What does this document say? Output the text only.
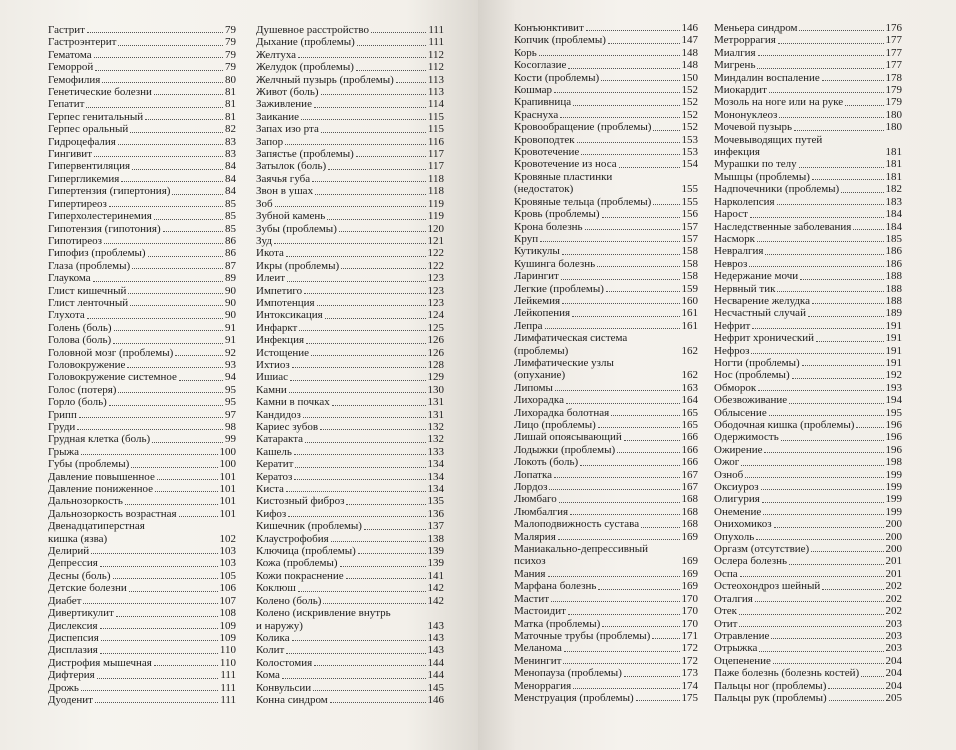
Гастрит	79
Гастроэнтерит	79
Гематома	79
Геморрой	79
Гемофилия	80
Генетические болезни	81
Гепатит	81
Герпес генитальный	81
Герпес оральный	82
Гидроцефалия	83
Гингивит	83
Гипервентиляция	84
Гипергликемия	84
Гипертензия (гипертония)	84
Гипертиреоз	85
Гиперхолестеринемия	85
Гипотензия (гипотония)	85
Гипотиреоз	86
Гипофиз (проблемы)	86
Глаза (проблемы)	87
Глаукома	89
Глист кишечный	90
Глист ленточный	90
Глухота	90
Голень (боль)	91
Голова (боль)	91
Головной мозг (проблемы)	92
Головокружение	93
Головокружение системное	94
Голос (потеря)	95
Горло (боль)	95
Грипп	97
Груди	98
Грудная клетка (боль)	99
Грыжа	100
Губы (проблемы)	100
Давление повышенное	101
Давление пониженное	101
Дальнозоркость	101
Дальнозоркость возрастная	101
Двенадцатиперстная
кишка (язва)	102
Делирий	103
Депрессия	103
Десны (боль)	105
Детские болезни	106
Диабет	107
Дивертикулит	108
Дислексия	109
Диспепсия	109
Дисплазия	110
Дистрофия мышечная	110
Дифтерия	111
Дрожь	111
Дуоденит	111
Душевное расстройство	111
Дыхание (проблемы)	111
Желтуха	112
Желудок (проблемы)	112
Желчный пузырь (проблемы)	113
Живот (боль)	113
Заживление	114
Заикание	115
Запах изо рта	115
Запор	116
Запястье (проблемы)	117
Затылок (боль)	117
Заячья губа	118
Звон в ушах	118
Зоб	119
Зубной камень	119
Зубы (проблемы)	120
Зуд	121
Икота	122
Икры (проблемы)	122
Илеит	123
Импетиго	123
Импотенция	123
Интоксикация	124
Инфаркт	125
Инфекция	126
Истощение	126
Ихтиоз	128
Ишиас	129
Камни	130
Камни в почках	131
Кандидоз	131
Кариес зубов	132
Катаракта	132
Кашель	133
Кератит	134
Кератоз	134
Киста	134
Кистозный фиброз	135
Кифоз	136
Кишечник (проблемы)	137
Клаустрофобия	138
Ключица (проблемы)	139
Кожа (проблемы)	139
Кожи покраснение	141
Коклюш	142
Колено (боль)	142
Колено (искривление внутрь
и наружу)	143
Колика	143
Колит	143
Колостомия	144
Кома	144
Конвульсии	145
Конна синдром	146
Конъюнктивит	146
Копчик (проблемы)	147
Корь	148
Косоглазие	148
Кости (проблемы)	150
Кошмар	152
Крапивница	152
Краснуха	152
Кровообращение (проблемы)	152
Кровоподтек	153
Кровотечение	153
Кровотечение из носа	154
Кровяные пластинки
(недостаток)	155
Кровяные тельца (проблемы)	155
Кровь (проблемы)	156
Крона болезнь	157
Круп	157
Кутикулы	158
Кушинга болезнь	158
Ларингит	158
Легкие (проблемы)	159
Лейкемия	160
Лейкопения	161
Лепра	161
Лимфатическая система
(проблемы)	162
Лимфатические узлы
(опухание)	162
Липомы	163
Лихорадка	164
Лихорадка болотная	165
Лицо (проблемы)	165
Лишай опоясывающий	166
Лодыжки (проблемы)	166
Локоть (боль)	166
Лопатка	167
Лордоз	167
Люмбаго	168
Люмбалгия	168
Малоподвижность сустава	168
Малярия	169
Маниакально-депрессивный
психоз	169
Мания	169
Марфана болезнь	169
Мастит	170
Мастоидит	170
Матка (проблемы)	170
Маточные трубы (проблемы)	171
Меланома	172
Менингит	172
Менопауза (проблемы)	173
Меноррагия	174
Менструация (проблемы)	175
Меньера синдром	176
Метроррагия	177
Миалгия	177
Мигрень	177
Миндалин воспаление	178
Миокардит	179
Мозоль на ноге или на руке	179
Мононуклеоз	180
Мочевой пузырь	180
Мочевыводящих путей
инфекция	181
Мурашки по телу	181
Мышцы (проблемы)	181
Надпочечники (проблемы)	182
Нарколепсия	183
Нарост	184
Наследственные заболевания	184
Насморк	185
Невралгия	186
Невроз	186
Недержание мочи	188
Нервный тик	188
Несварение желудка	188
Несчастный случай	189
Нефрит	191
Нефрит хронический	191
Нефроз	191
Ногти (проблемы)	191
Нос (проблемы)	192
Обморок	193
Обезвоживание	194
Облысение	195
Ободочная кишка (проблемы)	196
Одержимость	196
Ожирение	196
Ожог	198
Озноб	199
Оксиуроз	199
Олигурия	199
Онемение	199
Онихомикоз	200
Опухоль	200
Оргазм (отсутствие)	200
Ослера болезнь	201
Оспа	201
Остеохондроз шейный	202
Оталгия	202
Отек	202
Отит	203
Отравление	203
Отрыжка	203
Оцепенение	204
Паже болезнь (болезнь костей) 204
Пальцы ног (проблемы)	204
Пальцы рук (проблемы)	205
